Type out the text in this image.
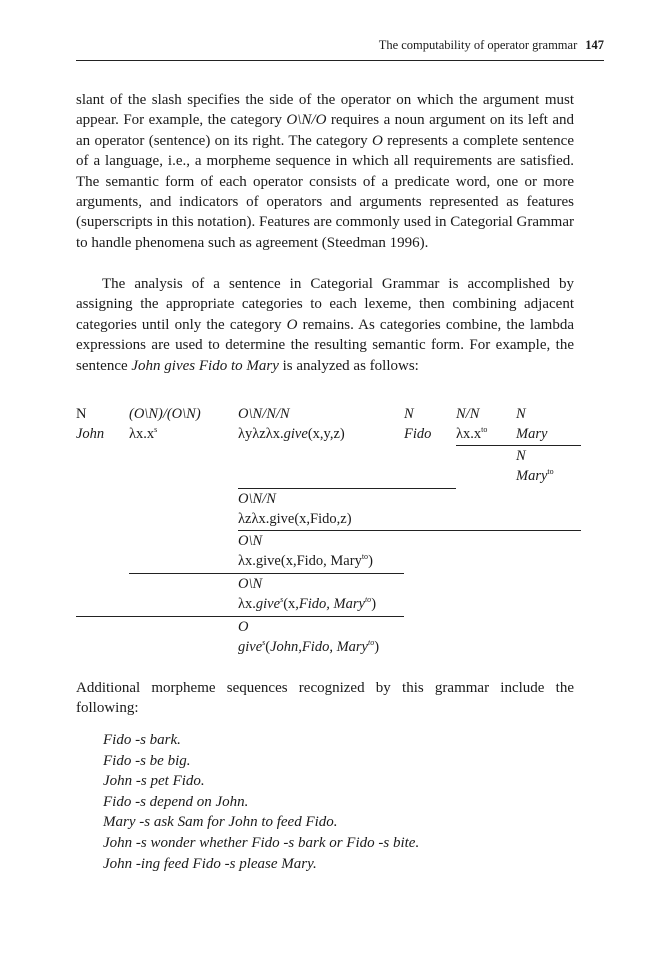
The computability of operator grammar 147

slant of the slash specifies the side of the operator on which the argument must appear. For example, the category O\N/O requires a noun argument on its left and an operator (sentence) on its right. The category O represents a complete sentence of a language, i.e., a morpheme sequence in which all requirements are satisfied. The semantic form of each operator consists of a predicate word, one or more arguments, and indicators of operators and arguments represented as features (superscripts in this notation). Features are commonly used in Categorial Grammar to handle phenomena such as agreement (Steedman 1996).

The analysis of a sentence in Categorial Grammar is accomplished by assigning the appropriate categories to each lexeme, then combining adjacent categories until only the category O remains. As categories combine, the lambda expressions are used to determine the resulting semantic form. For example, the sentence John gives Fido to Mary is analyzed as follows:

N
John
(O\N)/(O\N)
$\lambda x.x^s$
O\N/N/N
λyλzλx.give(x,y,z)
N
Fido
N/N
$\lambda x.x^{to}$
N
Mary
N
Mary$^{to}$
O\N/N
λzλx.give(x,Fido,z)
O\N
λx.give(x,Fido, Mary$^{to}$)
O\N
λx.give$^s$(x,Fido, Mary$^{to}$)
O
give$^s$(John,Fido, Mary$^{to}$)

Additional morpheme sequences recognized by this grammar include the following:

Fido -s bark.
Fido -s be big.
John -s pet Fido.
Fido -s depend on John.
Mary -s ask Sam for John to feed Fido.
John -s wonder whether Fido -s bark or Fido -s bite.
John -ing feed Fido -s please Mary.
